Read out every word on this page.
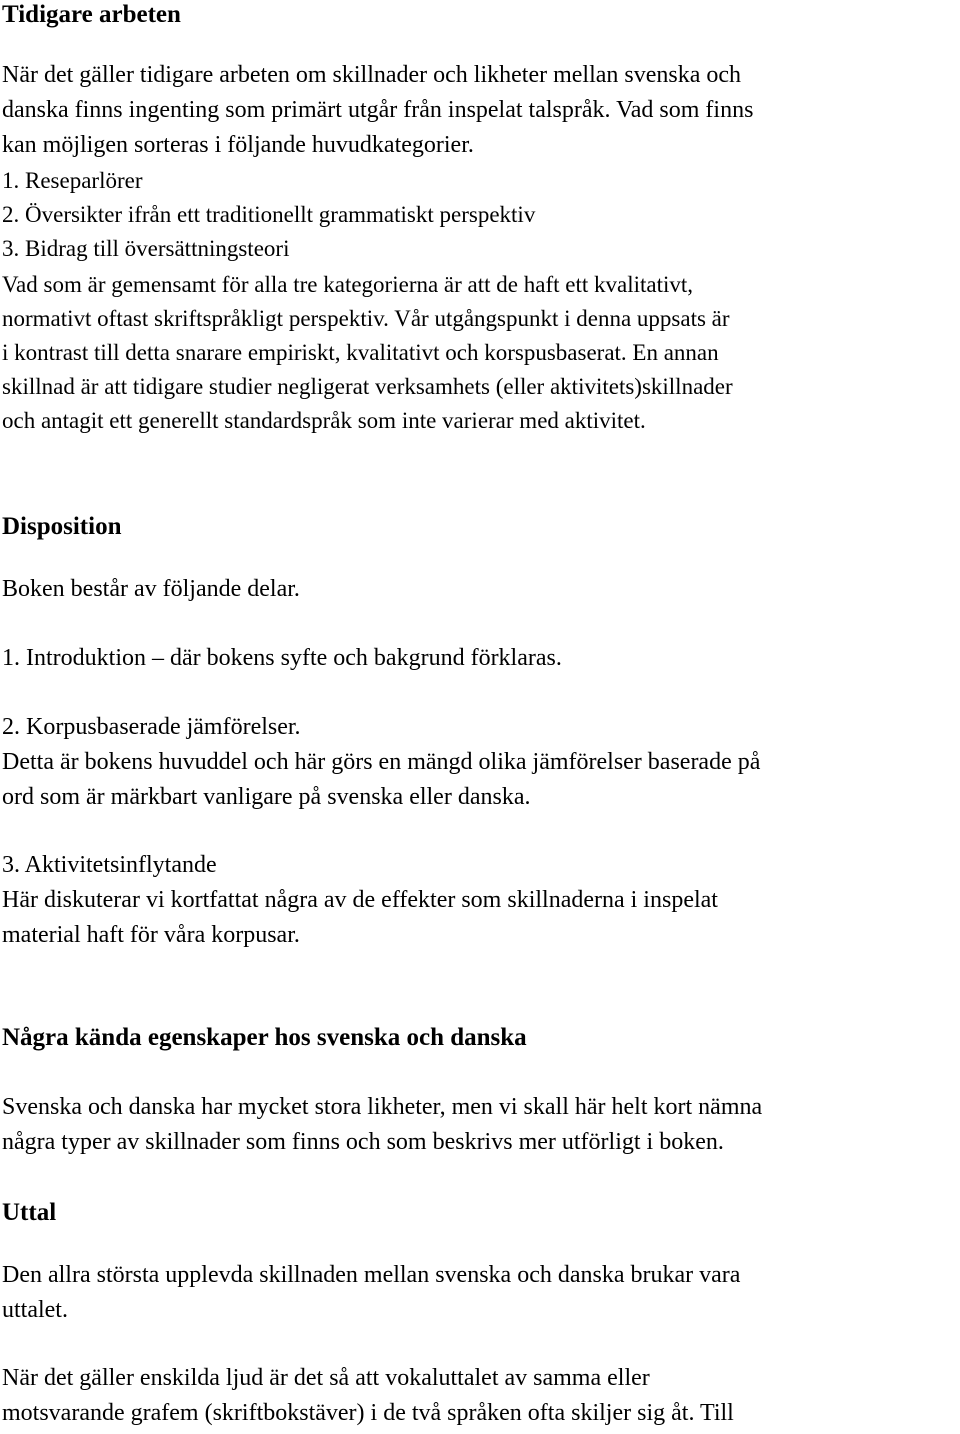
Tidigare arbeten
När det gäller tidigare arbeten om skillnader och likheter mellan svenska och
danska finns ingenting som primärt utgår från inspelat talspråk. Vad som finns
kan möjligen sorteras i följande huvudkategorier.
1. Reseparlörer
2. Översikter ifrån ett traditionellt grammatiskt perspektiv
3. Bidrag till översättningsteori
Vad som är gemensamt för alla tre kategorierna är att de haft ett kvalitativt,
normativt oftast skriftspråkligt perspektiv. Vår utgångspunkt i denna uppsats är
i kontrast till detta snarare empiriskt, kvalitativt och korspusbaserat. En annan
skillnad är att tidigare studier negligerat verksamhets (eller aktivitets)skillnader
och antagit ett generellt standardspråk som inte varierar med aktivitet.
Disposition
Boken består av följande delar.
1. Introduktion – där bokens syfte och bakgrund förklaras.
2. Korpusbaserade jämförelser.
Detta är bokens huvuddel och här görs en mängd olika jämförelser baserade på
ord som är märkbart vanligare på svenska eller danska.
3. Aktivitetsinflytande
Här diskuterar vi kortfattat några av de effekter som skillnaderna i inspelat
material haft för våra korpusar.
Några kända egenskaper hos svenska och danska
Svenska och danska har mycket stora likheter, men vi skall här helt kort nämna
några typer av skillnader som finns och som beskrivs mer utförligt i boken.
Uttal
Den allra största upplevda skillnaden mellan svenska och danska brukar vara
uttalet.
När det gäller enskilda ljud är det så att vokaluttalet av samma eller
motsvarande grafem (skriftbokstäver) i de två språken ofta skiljer sig åt. Till
